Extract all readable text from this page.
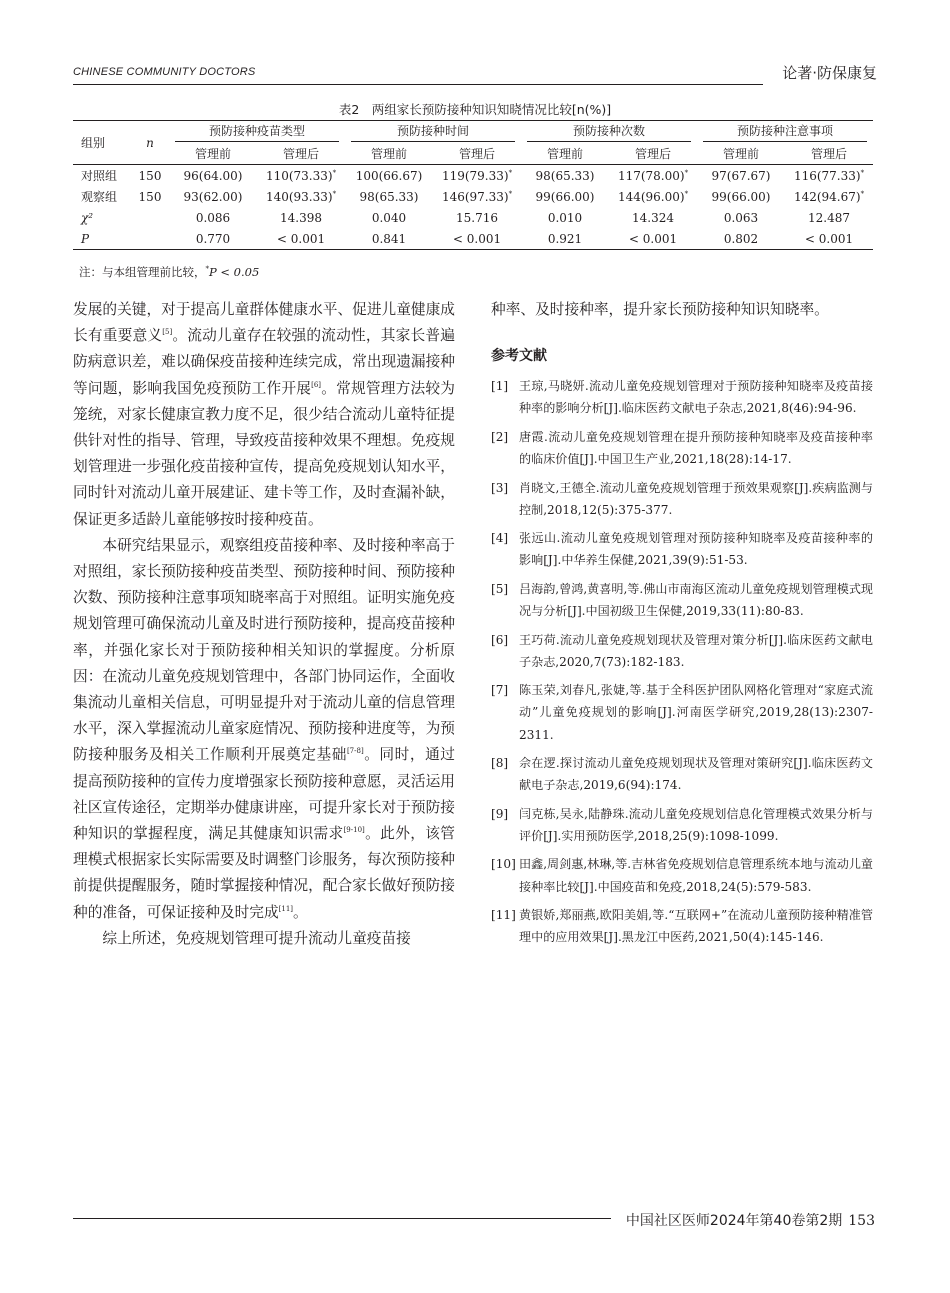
CHINESE COMMUNITY DOCTORS	论著·防保康复
表2　两组家长预防接种知识知晓情况比较[n(%)]
组别	n	预防接种疫苗类型		预防接种时间		预防接种次数		预防接种注意事项	

		管理前	管理后	管理前	管理后	管理前	管理后	管理前	管理后
对照组	150	96(64.00)	110(73.33)*	100(66.67)	119(79.33)*	98(65.33)	117(78.00)*	97(67.67)	116(77.33)*
观察组	150	93(62.00)	140(93.33)*	98(65.33)	146(97.33)*	99(66.00)	144(96.00)*	99(66.00)	142(94.67)*
χ²		0.086	14.398	0.040	15.716	0.010	14.324	0.063	12.487
P		0.770	< 0.001	0.841	< 0.001	0.921	< 0.001	0.802	< 0.001
注：与本组管理前比较，*P < 0.05

发展的关键，对于提高儿童群体健康水平、促进儿童健康成长有重要意义[5]。流动儿童存在较强的流动性，其家长普遍防病意识差，难以确保疫苗接种连续完成，常出现遗漏接种等问题，影响我国免疫预防工作开展[6]。常规管理方法较为笼统，对家长健康宣教力度不足，很少结合流动儿童特征提供针对性的指导、管理，导致疫苗接种效果不理想。免疫规划管理进一步强化疫苗接种宣传，提高免疫规划认知水平，同时针对流动儿童开展建证、建卡等工作，及时查漏补缺，保证更多适龄儿童能够按时接种疫苗。

本研究结果显示，观察组疫苗接种率、及时接种率高于对照组，家长预防接种疫苗类型、预防接种时间、预防接种次数、预防接种注意事项知晓率高于对照组。证明实施免疫规划管理可确保流动儿童及时进行预防接种，提高疫苗接种率，并强化家长对于预防接种相关知识的掌握度。分析原因：在流动儿童免疫规划管理中，各部门协同运作，全面收集流动儿童相关信息，可明显提升对于流动儿童的信息管理水平，深入掌握流动儿童家庭情况、预防接种进度等，为预防接种服务及相关工作顺利开展奠定基础[7-8]。同时，通过提高预防接种的宣传力度增强家长预防接种意愿，灵活运用社区宣传途径，定期举办健康讲座，可提升家长对于预防接种知识的掌握程度，满足其健康知识需求[9-10]。此外，该管理模式根据家长实际需要及时调整门诊服务，每次预防接种前提供提醒服务，随时掌握接种情况，配合家长做好预防接种的准备，可保证接种及时完成[11]。

综上所述，免疫规划管理可提升流动儿童疫苗接

种率、及时接种率，提升家长预防接种知识知晓率。

参考文献

[1] 王琼,马晓妍.流动儿童免疫规划管理对于预防接种知晓率及疫苗接种率的影响分析[J].临床医药文献电子杂志,2021,8(46):94-96.
[2] 唐霞.流动儿童免疫规划管理在提升预防接种知晓率及疫苗接种率的临床价值[J].中国卫生产业,2021,18(28):14-17.
[3] 肖晓文,王德全.流动儿童免疫规划管理于预效果观察[J].疾病监测与控制,2018,12(5):375-377.
[4] 张远山.流动儿童免疫规划管理对预防接种知晓率及疫苗接种率的影响[J].中华养生保健,2021,39(9):51-53.
[5] 吕海韵,曾鸿,黄喜明,等.佛山市南海区流动儿童免疫规划管理模式现况与分析[J].中国初级卫生保健,2019,33(11):80-83.
[6] 王巧荷.流动儿童免疫规划现状及管理对策分析[J].临床医药文献电子杂志,2020,7(73):182-183.
[7] 陈玉荣,刘春凡,张婕,等.基于全科医护团队网格化管理对“家庭式流动”儿童免疫规划的影响[J].河南医学研究,2019,28(13):2307-2311.
[8] 佘在逻.探讨流动儿童免疫规划现状及管理对策研究[J].临床医药文献电子杂志,2019,6(94):174.
[9] 闫克栋,吴永,陆静珠.流动儿童免疫规划信息化管理模式效果分析与评价[J].实用预防医学,2018,25(9):1098-1099.
[10] 田鑫,周剑惠,林琳,等.吉林省免疫规划信息管理系统本地与流动儿童接种率比较[J].中国疫苗和免疫,2018,24(5):579-583.
[11] 黄银娇,郑丽燕,欧阳美娟,等.“互联网+”在流动儿童预防接种精准管理中的应用效果[J].黑龙江中医药,2021,50(4):145-146.
中国社区医师2024年第40卷第2期 153
